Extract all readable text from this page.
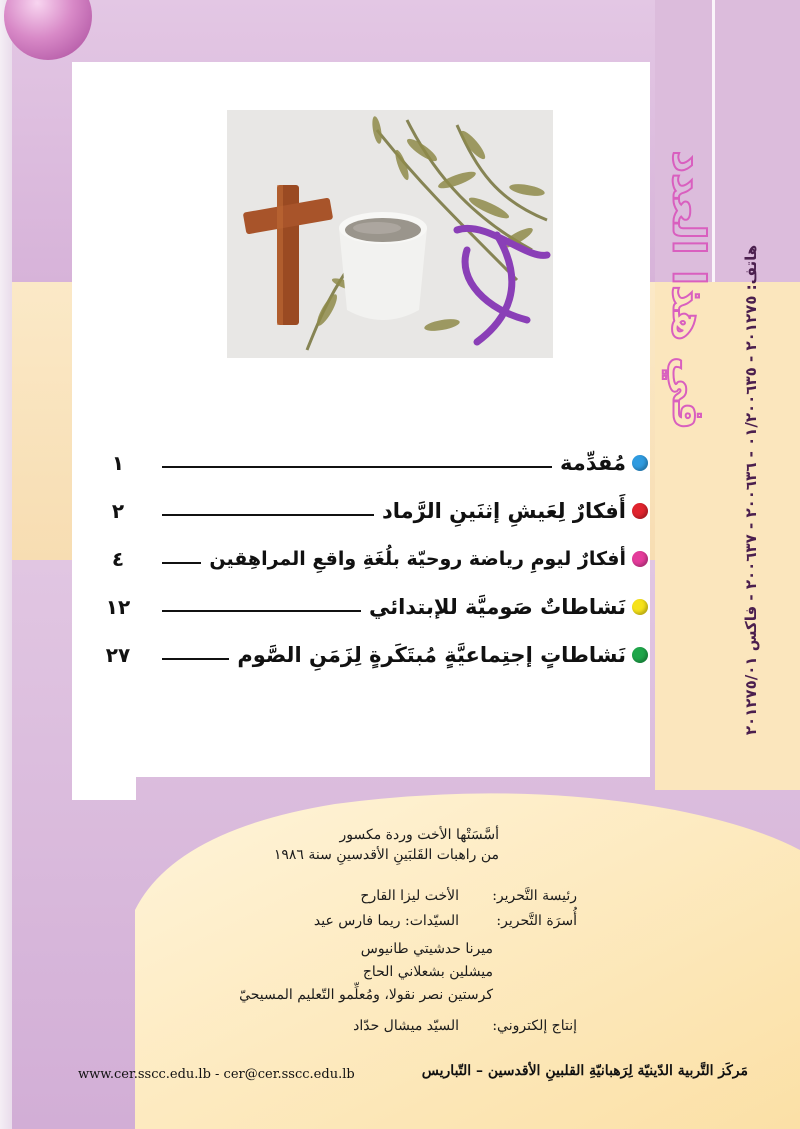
في هذا العدد
هاتف: ٢٠١٢٧٥ - ٠١/٢٠٠٦٣٥ - ٢٠٠٦٣٦ - ٢٠٠٦٣٧ - فاكس ٢٠١٢٧٥/٠١
مُقدِّمة
١
أَفكارٌ لِعَيشِ إثنَينِ الرَّماد
٢
أفكارٌ ليومِ رياضة روحيّة بلُغَةِ واقعِ المراهِقين
٤
نَشاطاتٌ صَوميَّة للإبتدائي
١٢
نَشاطاتٍ إجتِماعيَّةٍ مُبتَكَرةٍ لِزَمَنِ الصَّوم
٢٧
أسَّسَتْها الأخت وردة مكسور
من راهبات القَلبَينِ الأقدسينِ سنة ١٩٨٦
رئيسة التَّحرير:
الأخت ليزا القارح
أُسرَة التَّحرير:
السيّدات: ريما فارس عيد
ميرنا حدشيتي طانيوس
ميشلين بشعلاني الحاج
كرستين نصر نقولا، ومُعلِّمو التّعليم المسيحيّ
إنتاج إلكتروني:
السيّد ميشال حدّاد
مَركَز التَّربية الدّينيّة لِرَهبانيّةِ القلبينِ الأقدسين – التّباريس
www.cer.sscc.edu.lb - cer@cer.sscc.edu.lb
